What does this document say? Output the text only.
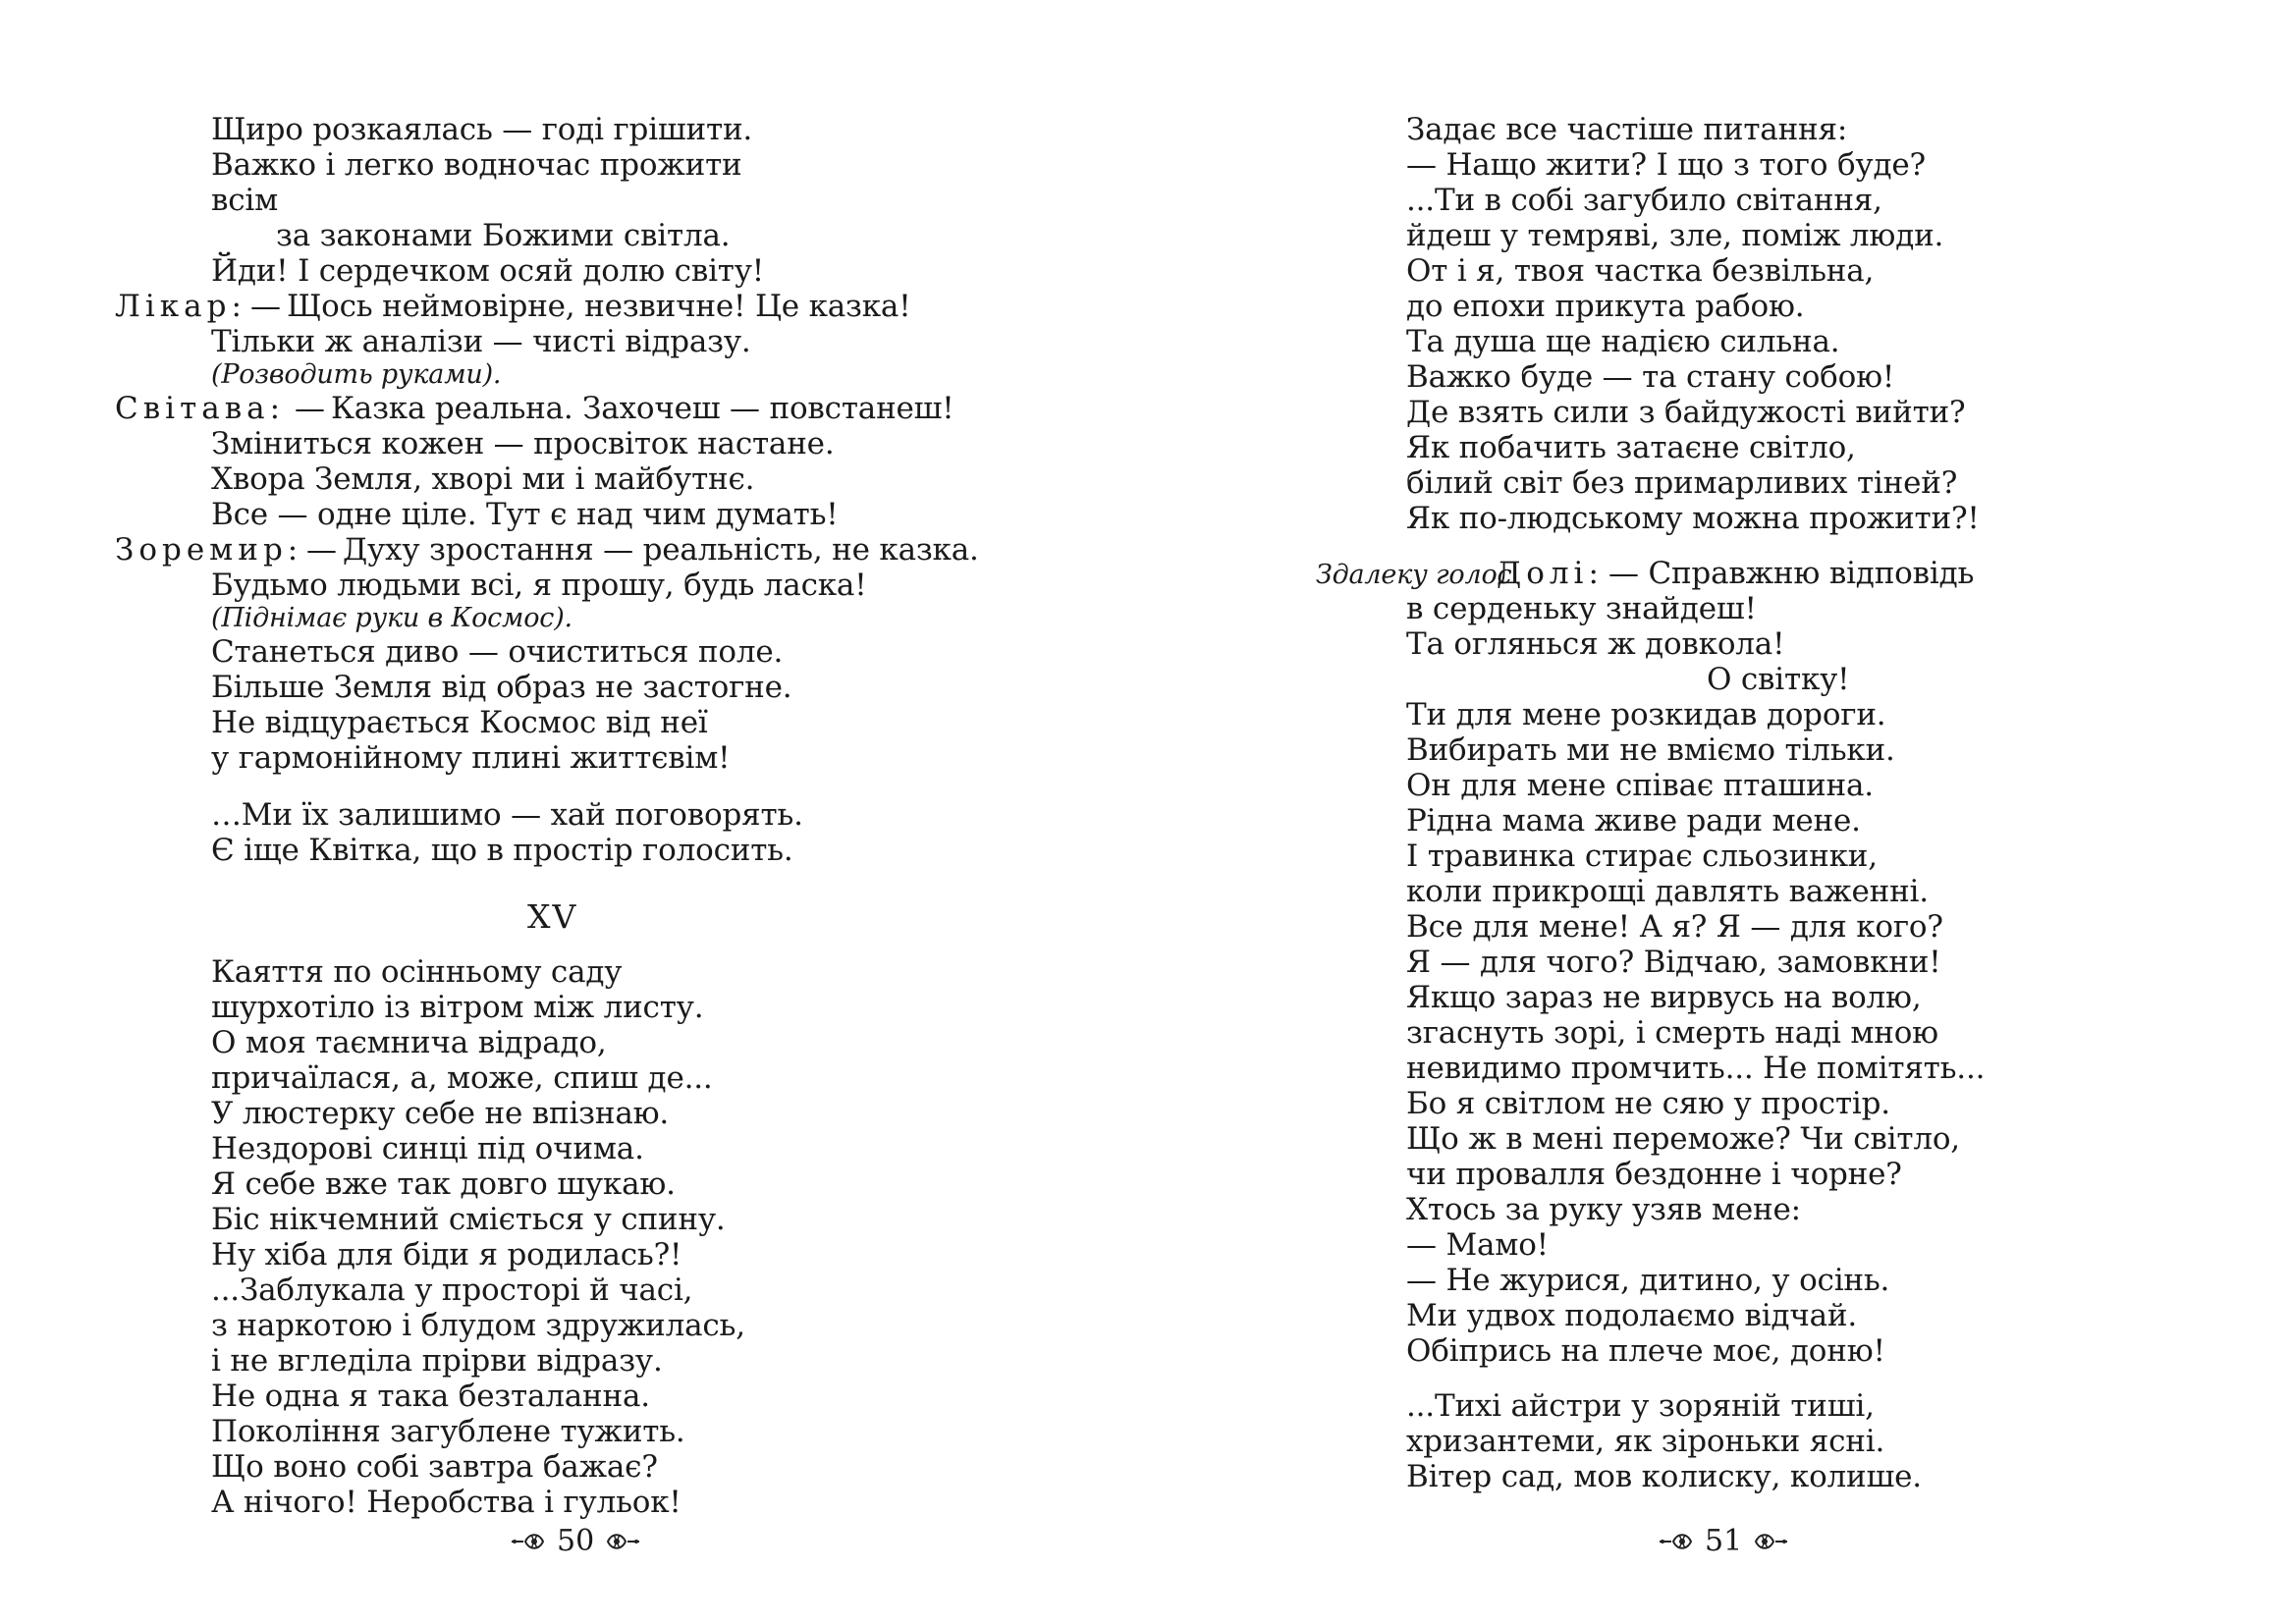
Щиро розкаялась — годі грішити.
Важко і легко водночас прожити
всім
за законами Божими світла.
Йди! І сердечком осяй долю світу!
Лікар: — Щось неймовірне, незвичне! Це казка!
Тільки ж аналізи — чисті відразу.
(Розводить руками).
Світава: — Казка реальна. Захочеш — повстанеш!
Зміниться кожен — просвіток настане.
Хвора Земля, хворі ми і майбутнє.
Все — одне ціле. Тут є над чим думать!
Зоремир: — Духу зростання — реальність, не казка.
Будьмо людьми всі, я прошу, будь ласка!
(Піднімає руки в Космос).
Станеться диво — очиститься поле.
Більше Земля від образ не застогне.
Не відцурається Космос від неї
у гармонійному плині життєвім!
…Ми їх залишимо — хай поговорять.
Є іще Квітка, що в простір голосить.
XV
Каяття по осінньому саду
шурхотіло із вітром між листу.
О моя таємнича відрадо,
причаїлася, а, може, спиш де...
У люстерку себе не впізнаю.
Нездорові синці під очима.
Я себе вже так довго шукаю.
Біс нікчемний сміється у спину.
Ну хіба для біди я родилась?!
...Заблукала у просторі й часі,
з наркотою і блудом здружилась,
і не вгледіла прірви відразу.
Не одна я така безталанна.
Покоління загублене тужить.
Що воно собі завтра бажає?
А нічого! Неробства і гульок!
50
Задає все частіше питання:
— Нащо жити? І що з того буде?
...Ти в собі загубило світання,
йдеш у темряві, зле, поміж люди.
От і я, твоя частка безвільна,
до епохи прикута рабою.
Та душа ще надією сильна.
Важко буде — та стану собою!
Де взять сили з байдужості вийти?
Як побачить затаєне світло,
білий світ без примарливих тіней?
Як по-людському можна прожити?!
Здалеку голос
Долі: — Справжню відповідь
в серденьку знайдеш!
Та оглянься ж довкола!
О світку!
Ти для мене розкидав дороги.
Вибирать ми не вміємо тільки.
Он для мене співає пташина.
Рідна мама живе ради мене.
І травинка стирає сльозинки,
коли прикрощі давлять важенні.
Все для мене! А я? Я — для кого?
Я — для чого? Відчаю, замовкни!
Якщо зараз не вирвусь на волю,
згаснуть зорі, і смерть наді мною
невидимо промчить... Не помітять...
Бо я світлом не сяю у простір.
Що ж в мені переможе? Чи світло,
чи провалля бездонне і чорне?
Хтось за руку узяв мене:
— Мамо!
— Не журися, дитино, у осінь.
Ми удвох подолаємо відчай.
Обіпрись на плече моє, доню!
...Тихі айстри у зоряній тиші,
хризантеми, як зіроньки ясні.
Вітер сад, мов колиску, колише.
51
